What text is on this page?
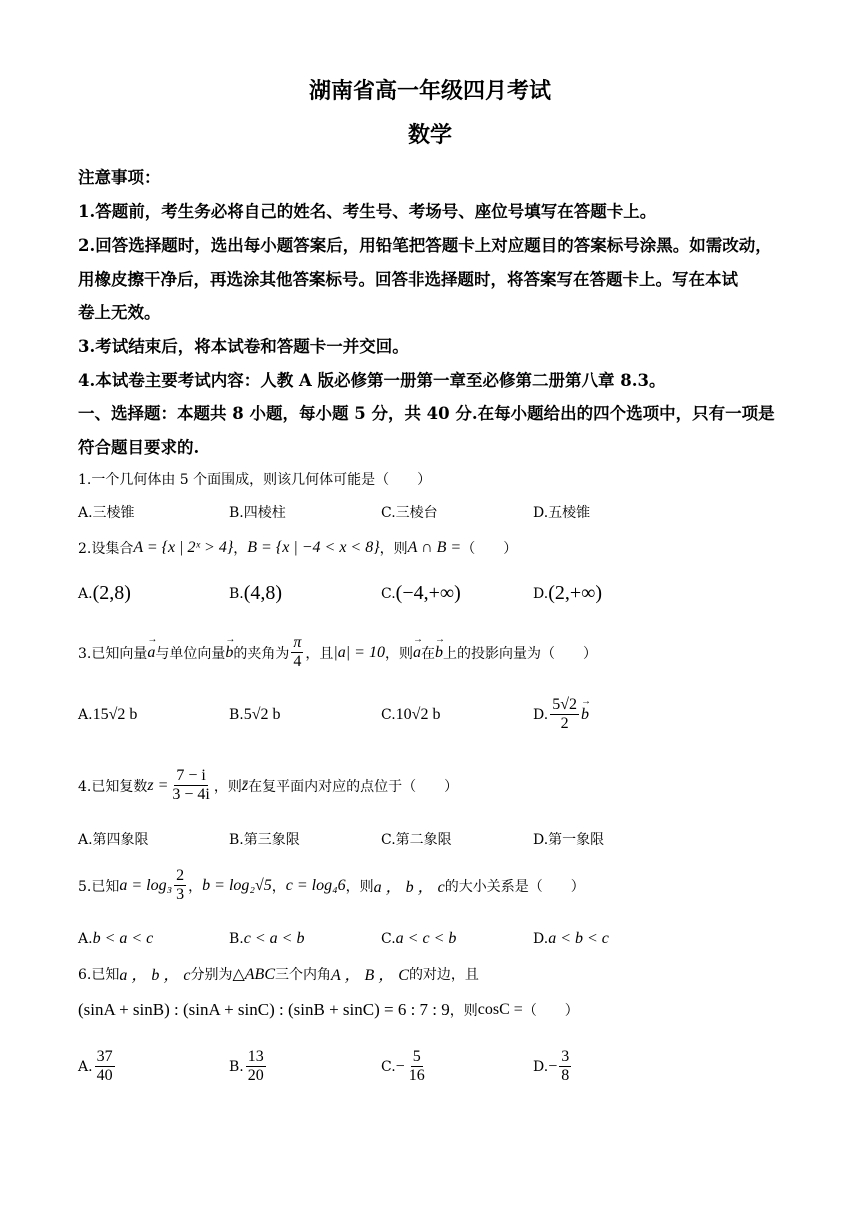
湖南省高一年级四月考试
数学
注意事项：
1.答题前，考生务必将自己的姓名、考生号、考场号、座位号填写在答题卡上。
2.回答选择题时，选出每小题答案后，用铅笔把答题卡上对应题目的答案标号涂黑。如需改动，
用橡皮擦干净后，再选涂其他答案标号。回答非选择题时，将答案写在答题卡上。写在本试
卷上无效。
3.考试结束后，将本试卷和答题卡一并交回。
4.本试卷主要考试内容：人教 A 版必修第一册第一章至必修第二册第八章 8.3。
一、选择题：本题共 8 小题，每小题 5 分，共 40 分.在每小题给出的四个选项中，只有一项是
符合题目要求的.
1.一个几何体由 5 个面围成，则该几何体可能是（　　）
A.三棱锥	B.四棱柱	C.三棱台	D.五棱锥
2.设集合 A = {x | 2ˣ > 4} ， B = {x | −4 < x < 8} ，则 A ∩ B = （　　）
A. (2,8)	B. (4,8)	C. (−4,+∞)	D. (2,+∞)
3.已知向量
→ a 与单位向量
→ b 的夹角为 $\frac{\pi}{4}$ ，且 |a| = 10 ，则
→ a 在
→ b 上的投影向量为（　　）
A. 15√2 b	B. 5√2 b	C. 10√2 b	D. $\frac{5√2}{2}$
→ b
4.已知复数 $z = \frac{7 - i}{3 - 4i}$ ，则 z̄ 在复平面内对应的点位于（　　）
A.第四象限	B.第三象限	C.第二象限	D.第一象限
5.已知 $a = \log_3 \frac{2}{3}$ ， b = log₂√5 ， c = log₄6 ，则 a ， b ， c 的大小关系是（　　）
A. b < a < c	B. c < a < b	C. a < c < b	D. a < b < c
6.已知 a ， b ， c 分别为 △ABC 三个内角 A ， B ， C 的对边，且
(sinA + sinB) : (sinA + sinC) : (sinB + sinC) = 6 : 7 : 9 ，则 cosC = （　　）
A. $\frac{37}{40}$	B. $\frac{13}{20}$	C. − $\frac{5}{16}$	D. − $\frac{3}{8}$
